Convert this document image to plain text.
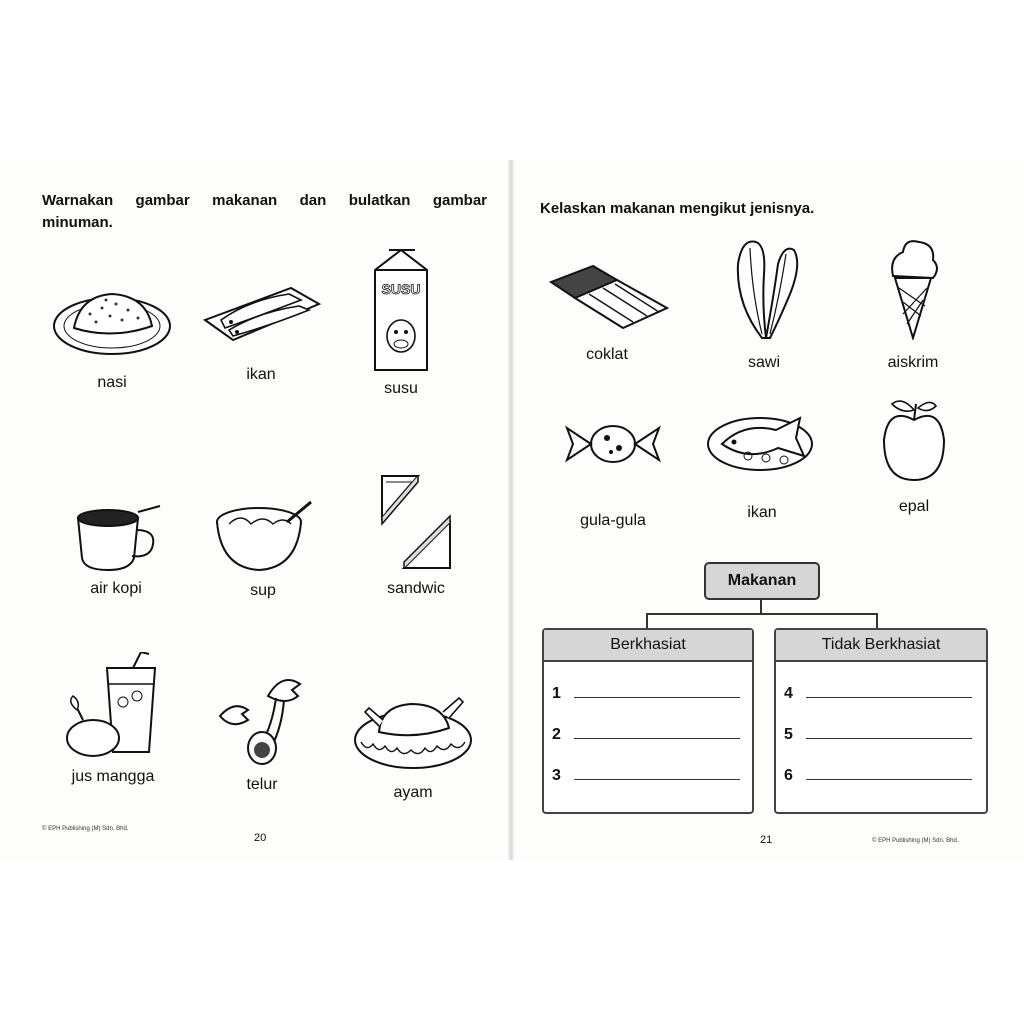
Warnakan gambar makanan dan bulatkan gambar minuman.
nasi	ikan
SUSU
susu
air kopi	sup	sandwic
jus mangga	telur	ayam
© EPH Publishing (M) Sdn. Bhd.
20
Kelaskan makanan mengikut jenisnya.
coklat	sawi	aiskrim
gula-gula	ikan	epal
Makanan
Berkhasiat
1
2
3
Tidak Berkhasiat
4
5
6
21	© EPH Publishing (M) Sdn. Bhd.
